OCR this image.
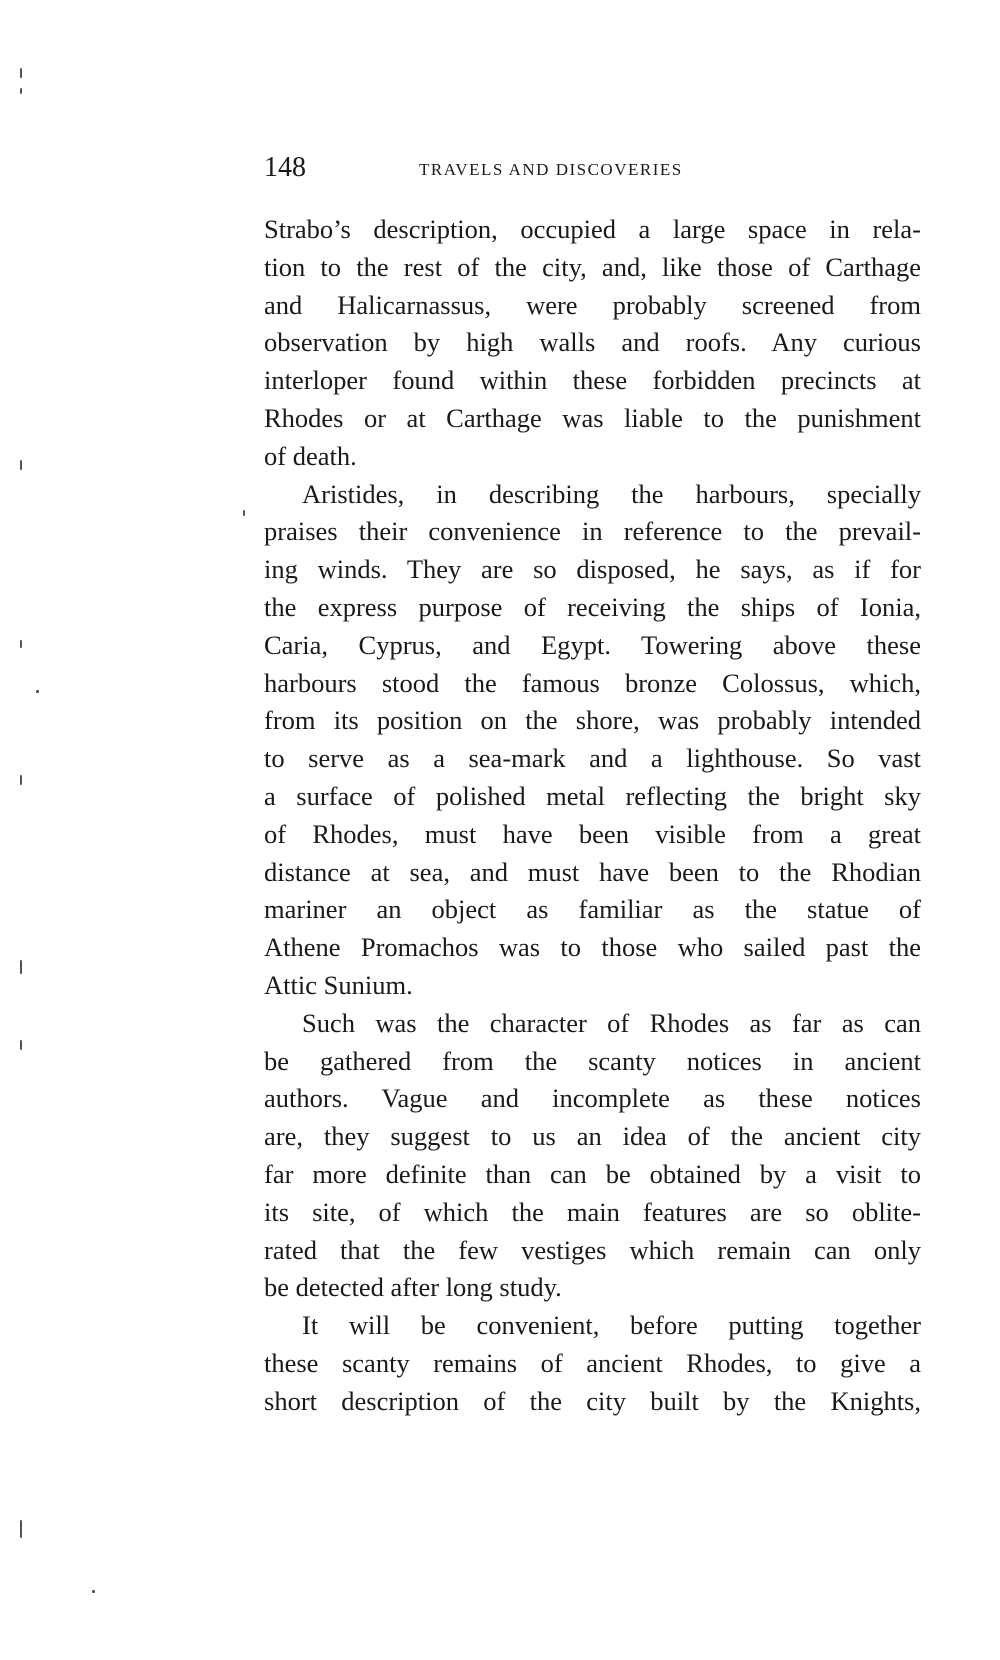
148	TRAVELS AND DISCOVERIES
Strabo’s description, occupied a large space in rela-
tion to the rest of the city, and, like those of Carthage
and Halicarnassus, were probably screened from
observation by high walls and roofs. Any curious
interloper found within these forbidden precincts at
Rhodes or at Carthage was liable to the punishment
of death.
Aristides, in describing the harbours, specially
praises their convenience in reference to the prevail-
ing winds. They are so disposed, he says, as if for
the express purpose of receiving the ships of Ionia,
Caria, Cyprus, and Egypt. Towering above these
harbours stood the famous bronze Colossus, which,
from its position on the shore, was probably intended
to serve as a sea-mark and a lighthouse. So vast
a surface of polished metal reflecting the bright sky
of Rhodes, must have been visible from a great
distance at sea, and must have been to the Rhodian
mariner an object as familiar as the statue of
Athene Promachos was to those who sailed past the
Attic Sunium.
Such was the character of Rhodes as far as can
be gathered from the scanty notices in ancient
authors. Vague and incomplete as these notices
are, they suggest to us an idea of the ancient city
far more definite than can be obtained by a visit to
its site, of which the main features are so oblite-
rated that the few vestiges which remain can only
be detected after long study.
It will be convenient, before putting together
these scanty remains of ancient Rhodes, to give a
short description of the city built by the Knights,
